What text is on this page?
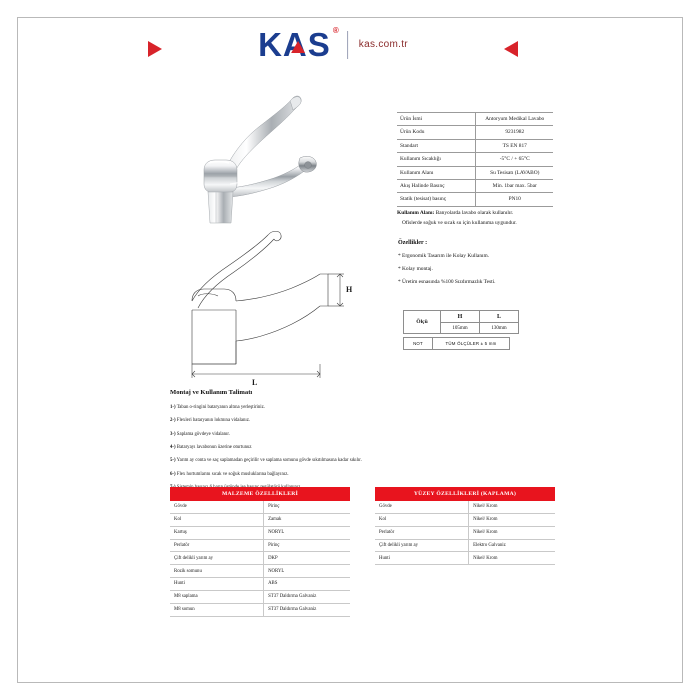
KAS ®
kas.com.tr
H
L
Ürün İsmi	Antoryum Medikal Lavabo
Ürün Kodu	9231982
Standart	TS EN 817
Kullanım Sıcaklığı	-5°C / + 65°C
Kullanım Alanı	Su Tesisatı (LAVABO)
Akış Halinde Basınç	Min. 1bar max. 5bar
Statik (tesisat) basınç	PN10
Kullanım Alanı: Banyolarda lavabo olarak kullanılır.
Ofislerde soğuk ve sıcak su için kullanıma uygundur.
Özellikler :
* Ergonomik Tasarım ile Kolay Kullanım.
* Kolay montaj.
* Üretim esnasında %100 Sızdırmazlık Testi.
Ölçü	H	L
	105mm	130mm
NOT	TÜM ÖLÇÜLER ± 5 mm
Montaj ve Kullanım Talimatı
1-) Taban o-ringini bataryanın altına yerleştiriniz.
2-) Flexleri bataryanın lokmına vidalanız.
3-) Saplama gövdeye vidalanır.
4-) Bataryayı lavabonun üzerine oturtunuz
5-) Yarım ay conta ve saç saplamadan geçirilir ve saplama somunu gövde sıkıtılmasına kadar sıkılır.
6-) Flex hortumlarını sıcak ve soğuk musluklarına bağlayınız.
MALZEME ÖZELLİKLERİ	
Gövde	Pirinç
Kol	Zamak
Kartuş	NORYL
Perlatör	Pirinç
Çift delikli yarım ay	DKP
Rozik somunu	NORYL
Hunti	ABS
M8 saplama	ST37 Daldırma Galvaniz
M8 somun	ST37 Daldırma Galvaniz
YÜZEY ÖZELLİKLERİ (KAPLAMA)	
Gövde	Nikel/ Krom
Kol	Nikel/ Krom
Perlatör	Nikel/ Krom
Çift delikli yarım ay	Elektro Galvaniz
Hunti	Nikel/ Krom
